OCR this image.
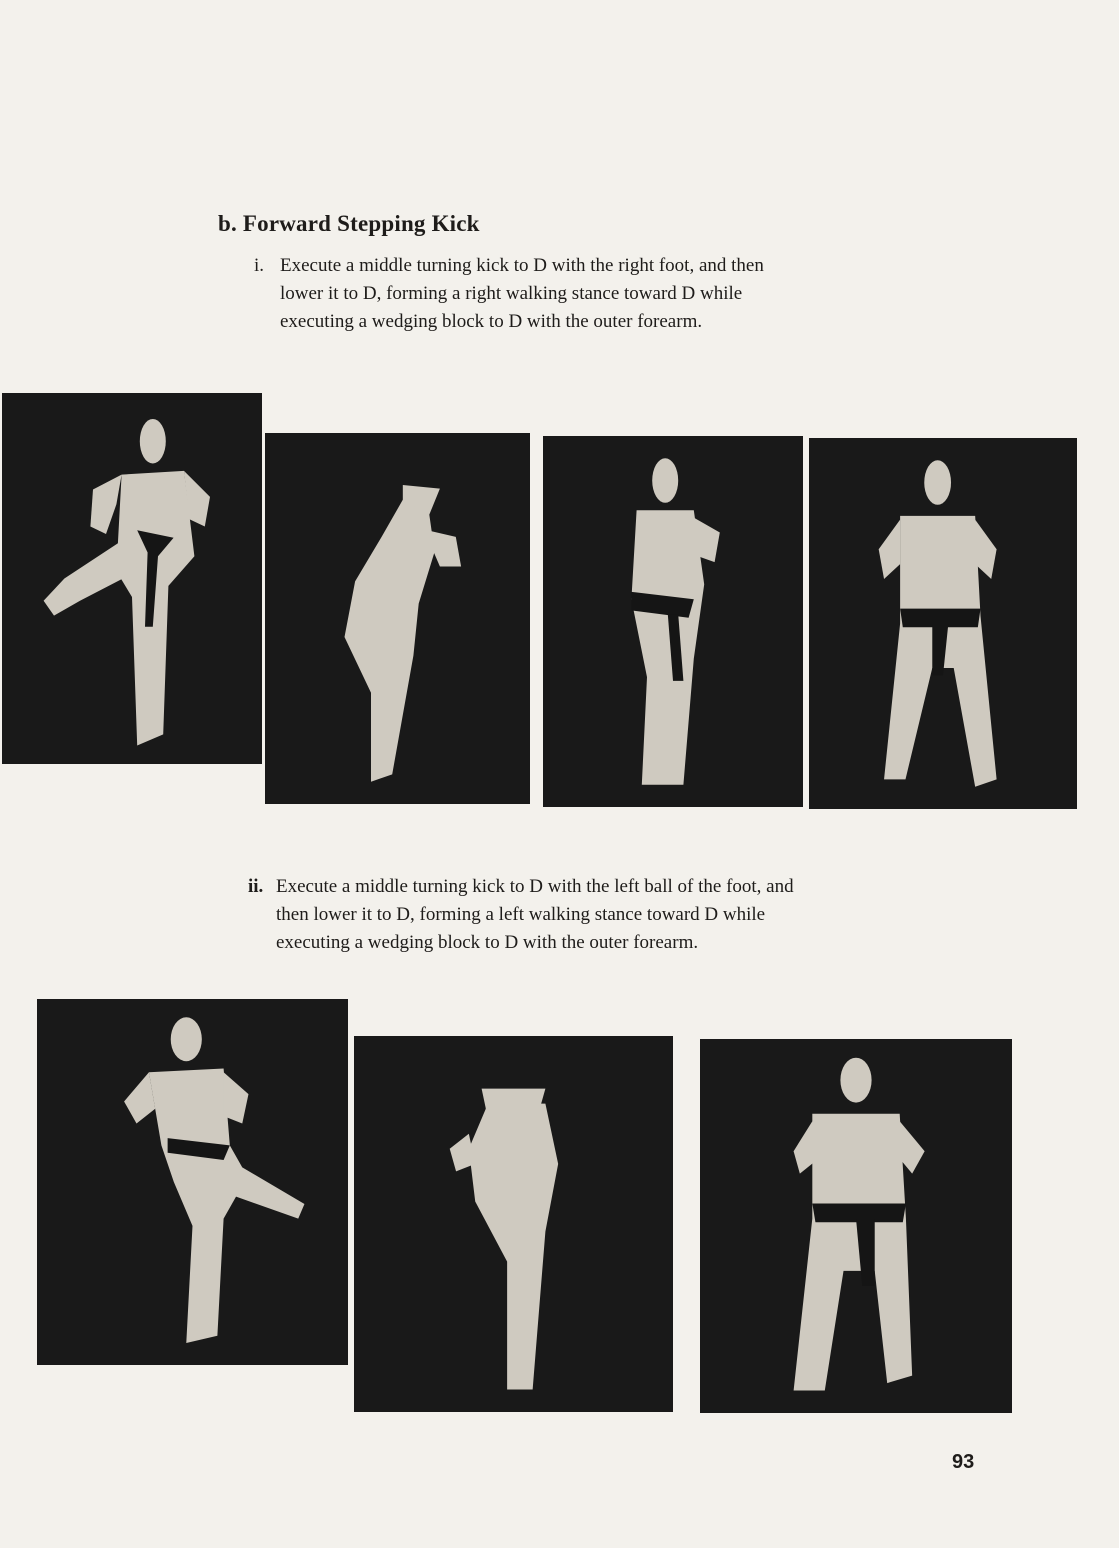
b. Forward Stepping Kick
i. Execute a middle turning kick to D with the right foot, and then
lower it to D, forming a right walking stance toward D while
executing a wedging block to D with the outer forearm.
ii. Execute a middle turning kick to D with the left ball of the foot, and
then lower it to D, forming a left walking stance toward D while
executing a wedging block to D with the outer forearm.
93
